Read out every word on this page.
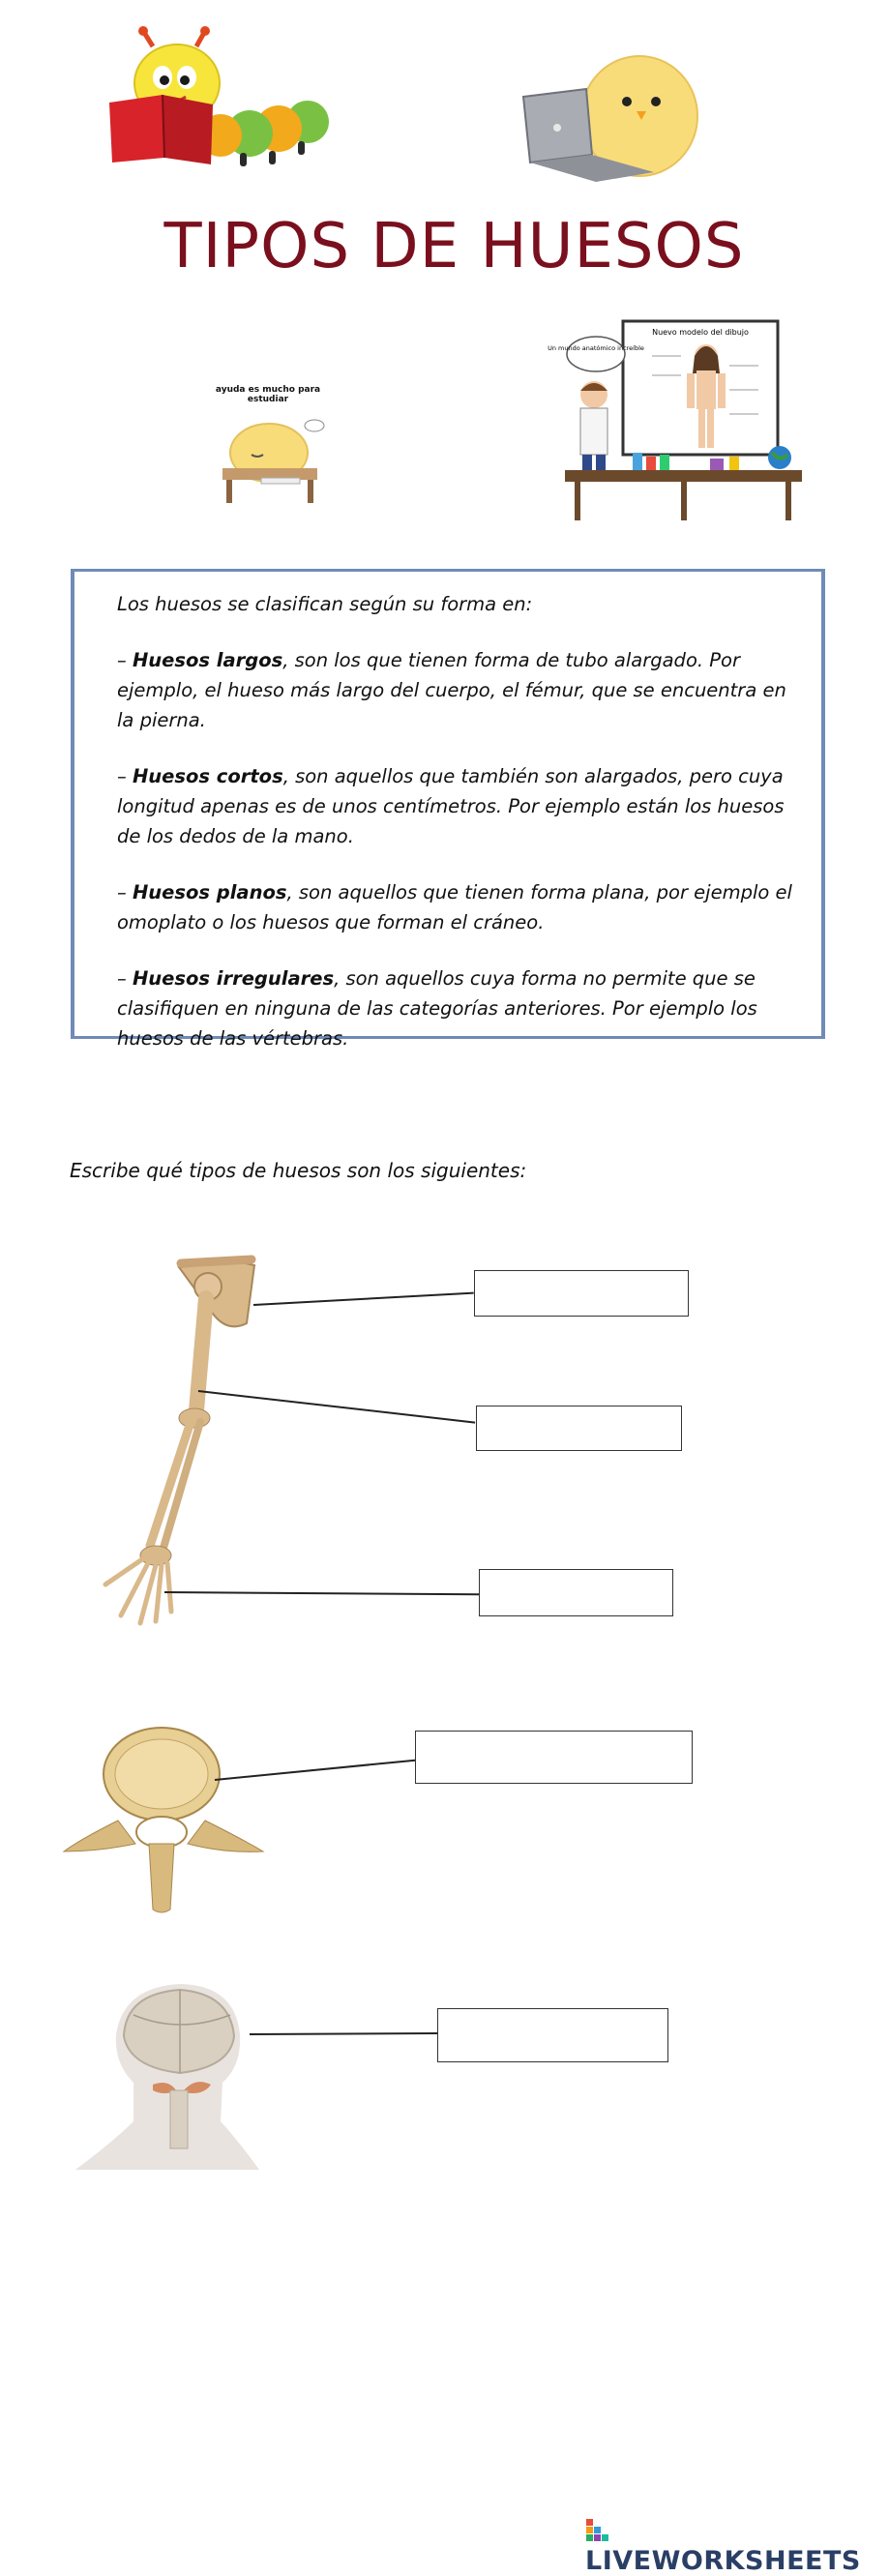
TIPOS DE HUESOS
ayuda es mucho para estudiar
Nuevo modelo del dibujo
Un mundo anatómico increíble

Los huesos se clasifican según su forma en:

– Huesos largos, son los que tienen forma de tubo alargado. Por ejemplo, el hueso más largo del cuerpo, el fémur, que se encuentra en la pierna.

– Huesos cortos, son aquellos que también son alargados, pero cuya longitud apenas es de unos centímetros. Por ejemplo están los huesos de los dedos de la mano.

– Huesos planos, son aquellos que tienen forma plana, por ejemplo el omoplato o los huesos que forman el cráneo.

– Huesos irregulares, son aquellos cuya forma no permite que se clasifiquen en ninguna de las categorías anteriores. Por ejemplo los huesos de las vértebras.

Escribe qué tipos de huesos son los siguientes:
LIVEWORKSHEETS
